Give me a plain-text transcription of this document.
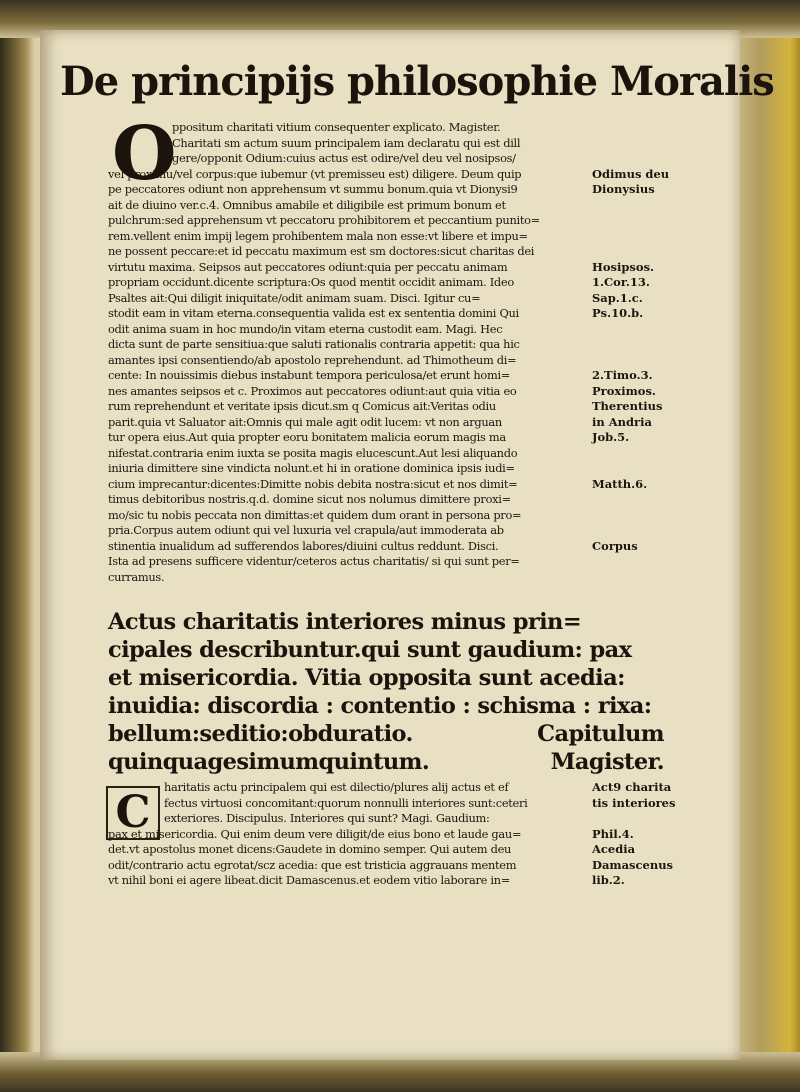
De principijs philosophie Moralis
O
ppositum charitati vitium consequenter explicato. Magister.
Charitati sm actum suum principalem iam declaratu qui est dill
gere/opponit Odium:cuius actus est odire/vel deu vel nosipsos/
vel proximu/vel corpus:que iubemur (vt premisseu est) diligere. Deum quip
pe peccatores odiunt non apprehensum vt summu bonum.quia vt Dionysi9
ait de diuino ver.c.4. Omnibus amabile et diligibile est primum bonum et
pulchrum:sed apprehensum vt peccatoru prohibitorem et peccantium punito=
rem.vellent enim impij legem prohibentem mala non esse:vt libere et impu=
ne possent peccare:et id peccatu maximum est sm doctores:sicut charitas dei
virtutu maxima. Seipsos aut peccatores odiunt:quia per peccatu animam
propriam occidunt.dicente scriptura:Os quod mentit occidit animam. Ideo
Psaltes ait:Qui diligit iniquitate/odit animam suam. Disci. Igitur cu=
stodit eam in vitam eterna.consequentia valida est ex sententia domini Qui
odit anima suam in hoc mundo/in vitam eterna custodit eam. Magi. Hec
dicta sunt de parte sensitiua:que saluti rationalis contraria appetit: qua hic
amantes ipsi consentiendo/ab apostolo reprehendunt. ad Thimotheum di=
cente: In nouissimis diebus instabunt tempora periculosa/et erunt homi=
nes amantes seipsos et c. Proximos aut peccatores odiunt:aut quia vitia eo
rum reprehendunt et veritate ipsis dicut.sm q Comicus ait:Veritas odiu
parit.quia vt Saluator ait:Omnis qui male agit odit lucem: vt non arguan
tur opera eius.Aut quia propter eoru bonitatem malicia eorum magis ma
nifestat.contraria enim iuxta se posita magis elucescunt.Aut lesi aliquando
iniuria dimittere sine vindicta nolunt.et hi in oratione dominica ipsis iudi=
cium imprecantur:dicentes:Dimitte nobis debita nostra:sicut et nos dimit=
timus debitoribus nostris.q.d. domine sicut nos nolumus dimittere proxi=
mo/sic tu nobis peccata non dimittas:et quidem dum orant in persona pro=
pria.Corpus autem odiunt qui vel luxuria vel crapula/aut immoderata ab
stinentia inualidum ad sufferendos labores/diuini cultus reddunt. Disci.
Ista ad presens sufficere videntur/ceteros actus charitatis/ si qui sunt per=
curramus.
Odimus deu
Dionysius
Hosipsos.
1.Cor.13.
Sap.1.c.
Ps.10.b.
2.Timo.3.
Proximos.
Therentius
in Andria
Job.5.
Matth.6.
Corpus
Actus charitatis interiores minus prin=
cipales describuntur.qui sunt gaudium: pax
et misericordia. Vitia opposita sunt acedia:
inuidia: discordia : contentio : schisma : rixa:
bellum:seditio:obduratio.	Capitulum
quinquagesimumquintum.	Magister.
C	haritatis actu principalem qui est dilectio/plures alij actus et ef
fectus virtuosi concomitant:quorum nonnulli interiores sunt:ceteri
exteriores. Discipulus. Interiores qui sunt? Magi. Gaudium:
pax et misericordia. Qui enim deum vere diligit/de eius bono et laude gau=
det.vt apostolus monet dicens:Gaudete in domino semper. Qui autem deu
odit/contrario actu egrotat/scz acedia: que est tristicia aggrauans mentem
vt nihil boni ei agere libeat.dicit Damascenus.et eodem vitio laborare in=
Act9 charita
tis interiores
Phil.4.
Acedia
Damascenus
lib.2.
